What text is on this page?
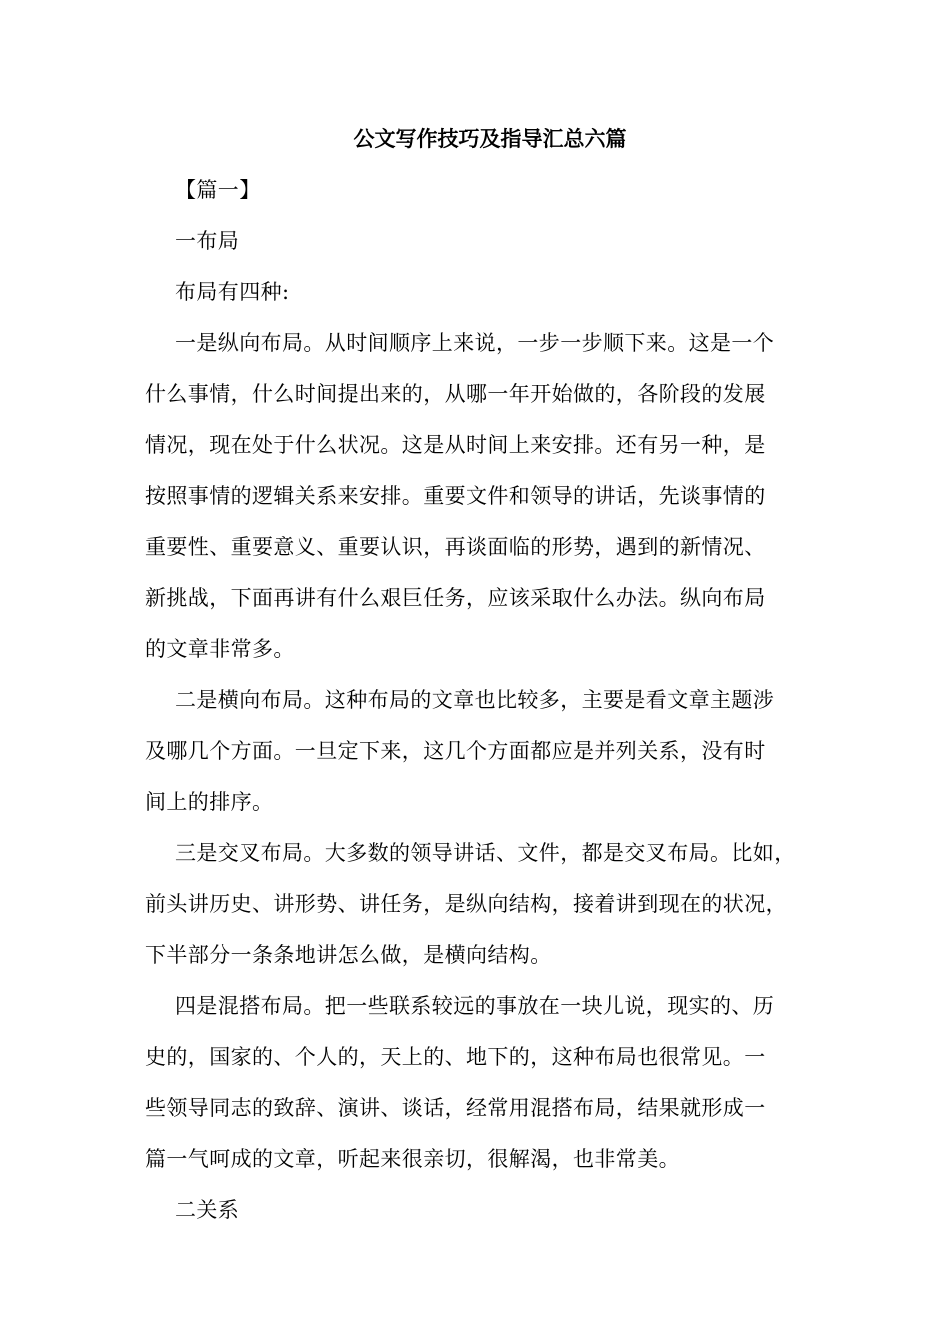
公文写作技巧及指导汇总六篇

【篇一】

一布局

布局有四种:

一是纵向布局。从时间顺序上来说，一步一步顺下来。这是一个

什么事情，什么时间提出来的，从哪一年开始做的，各阶段的发展

情况，现在处于什么状况。这是从时间上来安排。还有另一种，是

按照事情的逻辑关系来安排。重要文件和领导的讲话，先谈事情的

重要性、重要意义、重要认识，再谈面临的形势，遇到的新情况、

新挑战，下面再讲有什么艰巨任务，应该采取什么办法。纵向布局

的文章非常多。

二是横向布局。这种布局的文章也比较多，主要是看文章主题涉

及哪几个方面。一旦定下来，这几个方面都应是并列关系，没有时

间上的排序。

三是交叉布局。大多数的领导讲话、文件，都是交叉布局。比如，

前头讲历史、讲形势、讲任务，是纵向结构，接着讲到现在的状况，

下半部分一条条地讲怎么做，是横向结构。

四是混搭布局。把一些联系较远的事放在一块儿说，现实的、历

史的，国家的、个人的，天上的、地下的，这种布局也很常见。一

些领导同志的致辞、演讲、谈话，经常用混搭布局，结果就形成一

篇一气呵成的文章，听起来很亲切，很解渴，也非常美。

二关系
